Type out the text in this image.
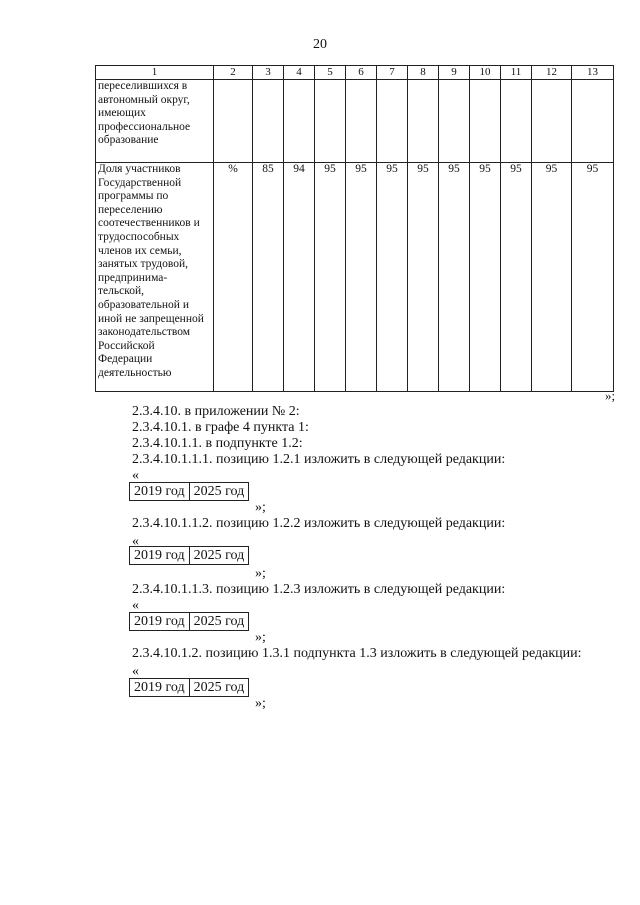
20
1	2	3	4	5	6	7	8	9	10	11	12	13
переселившихся в автономный округ, имеющих профессиональное образование												
Доля участников Государственной программы по переселению соотечественников и трудоспособных членов их семьи, занятых трудовой, предпринима-тельской, образовательной и иной не запрещенной законодательством Российской Федерации деятельностью	%	85	94	95	95	95	95	95	95	95	95	95
»;
2.3.4.10. в приложении № 2:
2.3.4.10.1. в графе 4 пункта 1:
2.3.4.10.1.1. в подпункте 1.2:
2.3.4.10.1.1.1. позицию 1.2.1 изложить в следующей редакции:
«
2019 год	2025 год
»;
2.3.4.10.1.1.2. позицию 1.2.2 изложить в следующей редакции:
«
2019 год	2025 год
»;
2.3.4.10.1.1.3. позицию 1.2.3 изложить в следующей редакции:
«
2019 год	2025 год
»;
2.3.4.10.1.2. позицию 1.3.1 подпункта 1.3 изложить в следующей редакции:
«
2019 год	2025 год
»;
